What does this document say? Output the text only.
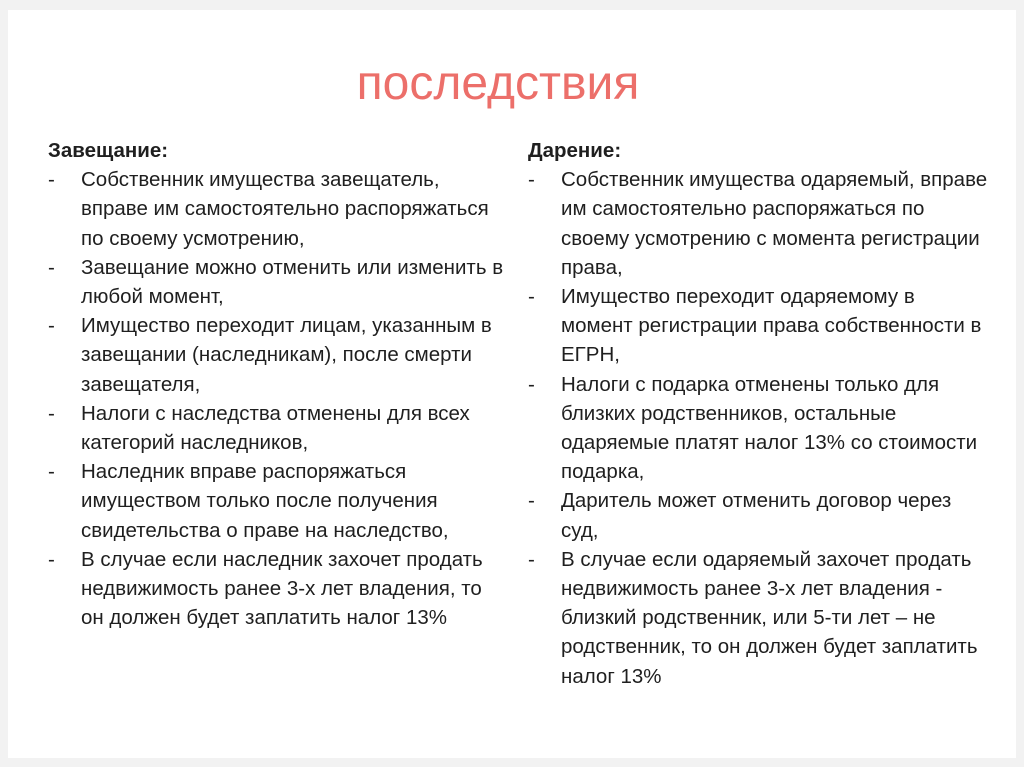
последствия
Завещание:
- Собственник имущества завещатель, вправе им самостоятельно распоряжаться по своему усмотрению,
- Завещание можно отменить или изменить в любой момент,
- Имущество переходит лицам, указанным в завещании (наследникам), после смерти завещателя,
- Налоги с наследства отменены для всех категорий наследников,
- Наследник вправе распоряжаться имуществом только после получения свидетельства о праве на наследство,
- В случае если наследник захочет продать недвижимость ранее 3-х лет владения, то он должен будет заплатить налог 13%
Дарение:
- Собственник имущества одаряемый, вправе им самостоятельно распоряжаться по своему усмотрению с момента регистрации права,
- Имущество переходит одаряемому в момент регистрации права собственности в ЕГРН,
- Налоги с подарка отменены только для близких родственников, остальные одаряемые платят налог 13% со стоимости подарка,
- Даритель может отменить договор через суд,
- В случае если одаряемый захочет продать недвижимость ранее 3-х лет владения - близкий родственник, или 5-ти лет – не родственник, то он должен будет заплатить налог 13%
